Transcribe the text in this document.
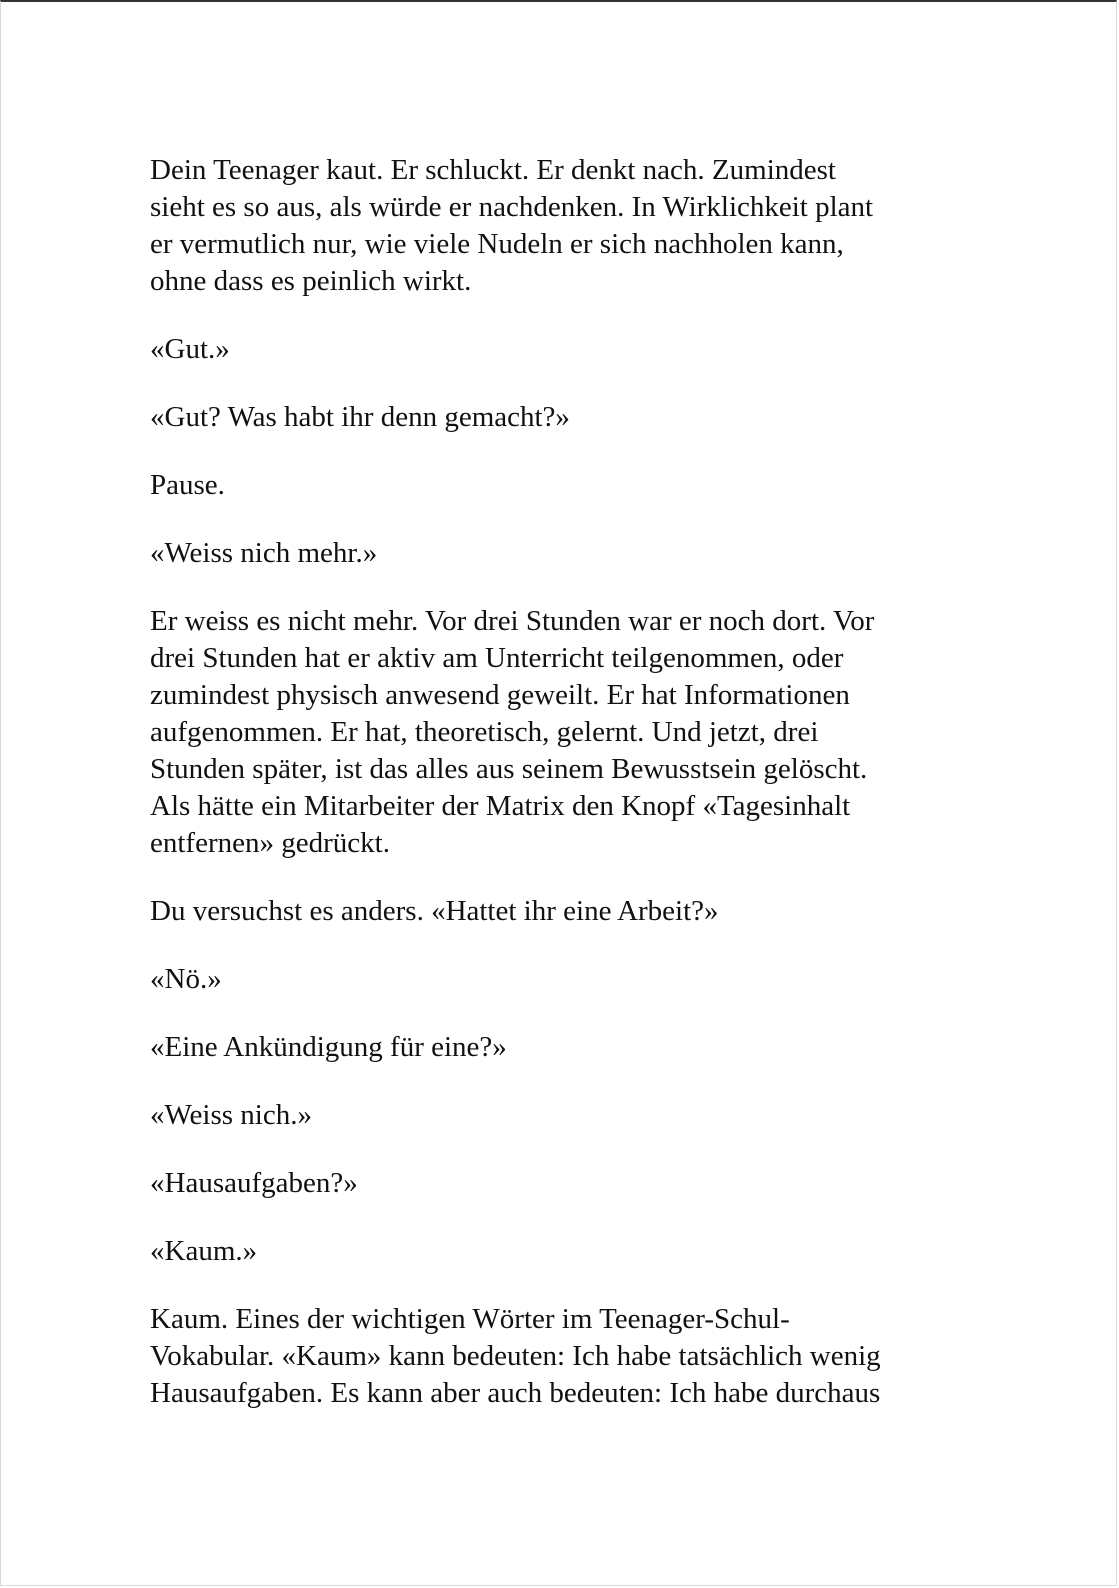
Dein Teenager kaut. Er schluckt. Er denkt nach. Zumindest
sieht es so aus, als würde er nachdenken. In Wirklichkeit plant
er vermutlich nur, wie viele Nudeln er sich nachholen kann,
ohne dass es peinlich wirkt.

«Gut.»

«Gut? Was habt ihr denn gemacht?»

Pause.

«Weiss nich mehr.»

Er weiss es nicht mehr. Vor drei Stunden war er noch dort. Vor
drei Stunden hat er aktiv am Unterricht teilgenommen, oder
zumindest physisch anwesend geweilt. Er hat Informationen
aufgenommen. Er hat, theoretisch, gelernt. Und jetzt, drei
Stunden später, ist das alles aus seinem Bewusstsein gelöscht.
Als hätte ein Mitarbeiter der Matrix den Knopf «Tagesinhalt
entfernen» gedrückt.

Du versuchst es anders. «Hattet ihr eine Arbeit?»

«Nö.»

«Eine Ankündigung für eine?»

«Weiss nich.»

«Hausaufgaben?»

«Kaum.»

Kaum. Eines der wichtigen Wörter im Teenager-Schul-
Vokabular. «Kaum» kann bedeuten: Ich habe tatsächlich wenig
Hausaufgaben. Es kann aber auch bedeuten: Ich habe durchaus
